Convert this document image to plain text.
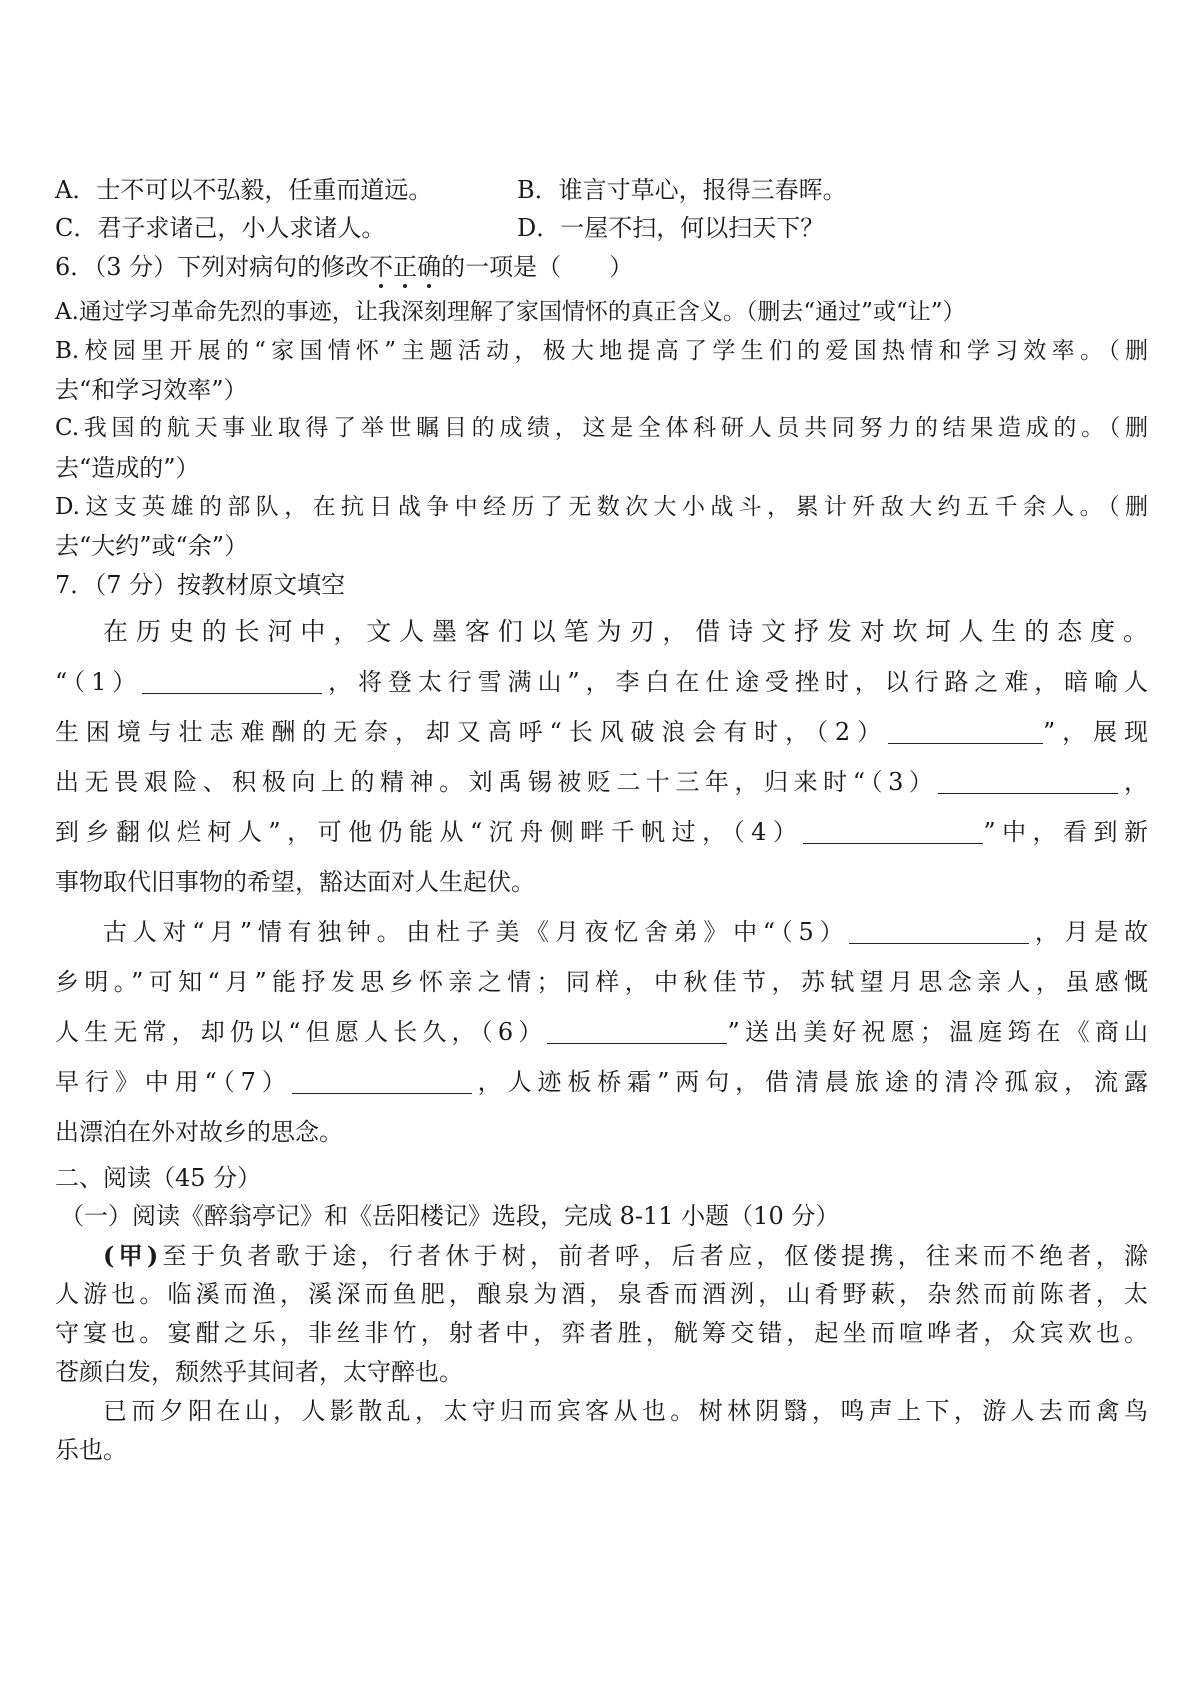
A．士不可以不弘毅，任重而道远。	B．谁言寸草心，报得三春晖。
C．君子求诸己，小人求诸人。	D．一屋不扫，何以扫天下？
6．（3 分）下列对病句的修改不正确的一项是（　　）
A.通过学习革命先烈的事迹，让我深刻理解了家国情怀的真正含义。（删去“通过”或“让”）
B.校园里开展的“家国情怀”主题活动，极大地提高了学生们的爱国热情和学习效率。（删
去“和学习效率”）
C.我国的航天事业取得了举世瞩目的成绩，这是全体科研人员共同努力的结果造成的。（删
去“造成的”）
D.这支英雄的部队，在抗日战争中经历了无数次大小战斗，累计歼敌大约五千余人。（删
去“大约”或“余”）
7．（7 分）按教材原文填空
在历史的长河中，文人墨客们以笔为刃，借诗文抒发对坎坷人生的态度。
“（1）	，将登太行雪满山”，李白在仕途受挫时，以行路之难，暗喻人
生困境与壮志难酬的无奈，却又高呼“长风破浪会有时，（2）	”，展现
出无畏艰险、积极向上的精神。刘禹锡被贬二十三年，归来时“（3）	，
到乡翻似烂柯人”，可他仍能从“沉舟侧畔千帆过，（4）	”中，看到新
事物取代旧事物的希望，豁达面对人生起伏。
古人对“月”情有独钟。由杜子美《月夜忆舍弟》中“（5）	，月是故
乡明。”可知“月”能抒发思乡怀亲之情；同样，中秋佳节，苏轼望月思念亲人，虽感慨
人生无常，却仍以“但愿人长久，（6）	”送出美好祝愿；温庭筠在《商山
早行》中用“（7）	，人迹板桥霜”两句，借清晨旅途的清冷孤寂，流露
出漂泊在外对故乡的思念。
二、阅读（45 分）
（一）阅读《醉翁亭记》和《岳阳楼记》选段，完成 8-11 小题（10 分）
(甲)至于负者歌于途，行者休于树，前者呼，后者应，伛偻提携，往来而不绝者，滁
人游也。临溪而渔，溪深而鱼肥，酿泉为酒，泉香而酒洌，山肴野蔌，杂然而前陈者，太
守宴也。宴酣之乐，非丝非竹，射者中，弈者胜，觥筹交错，起坐而喧哗者，众宾欢也。
苍颜白发，颓然乎其间者，太守醉也。
已而夕阳在山，人影散乱，太守归而宾客从也。树林阴翳，鸣声上下，游人去而禽鸟
乐也。
